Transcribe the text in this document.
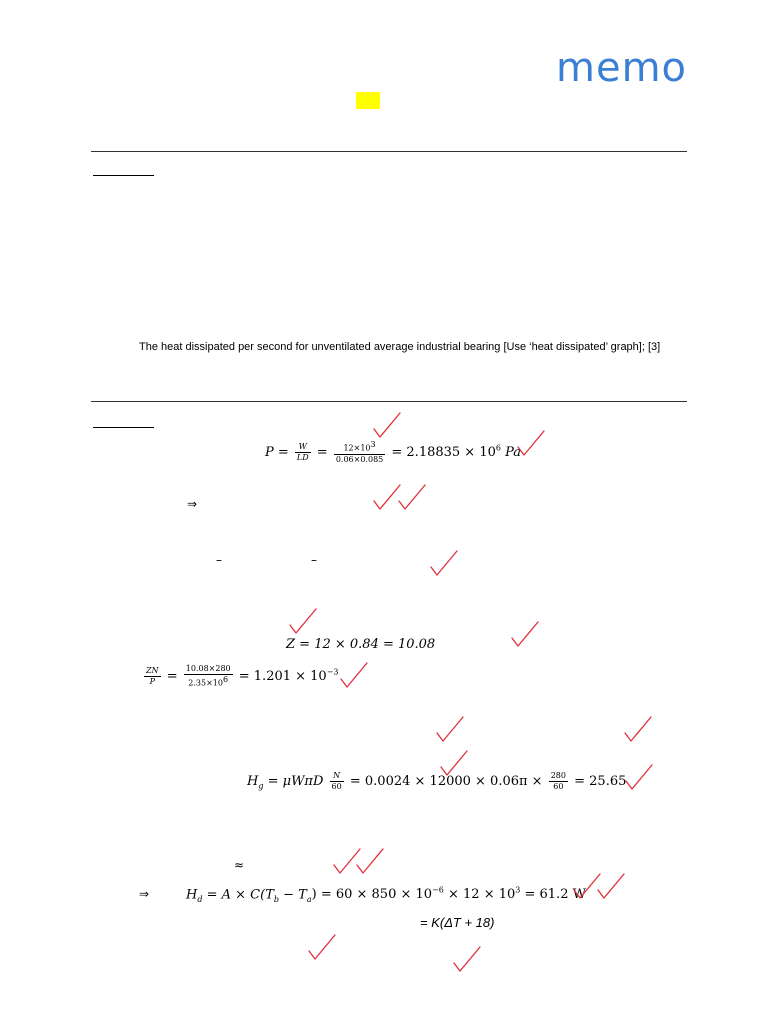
memo
The heat dissipated per second for unventilated average industrial bearing [Use ‘heat dissipated’ graph]; [3]
$P = \frac{W}{LD} = \frac{12\times 10^3}{0.06\times 0.085} = 2.18835 \times 10^6$ Pa
⇒
–	–
Z = 12 × 0.84 = 10.08
$\frac{ZN}{P} = \frac{10.08\times 280}{2.35\times 10^6} = 1.201 \times 10^{-3}$
$H_g = \mu W\pi D \frac{N}{60} = 0.0024 \times 12000 \times 0.06\pi \times \frac{280}{60} = 25.65$
≈
⇒	$H_d = A \times C(T_b - T_a) = 60 \times 850 \times 10^{-6} \times 12 \times 10^3 = 61.2$ W
= K(ΔT + 18)
